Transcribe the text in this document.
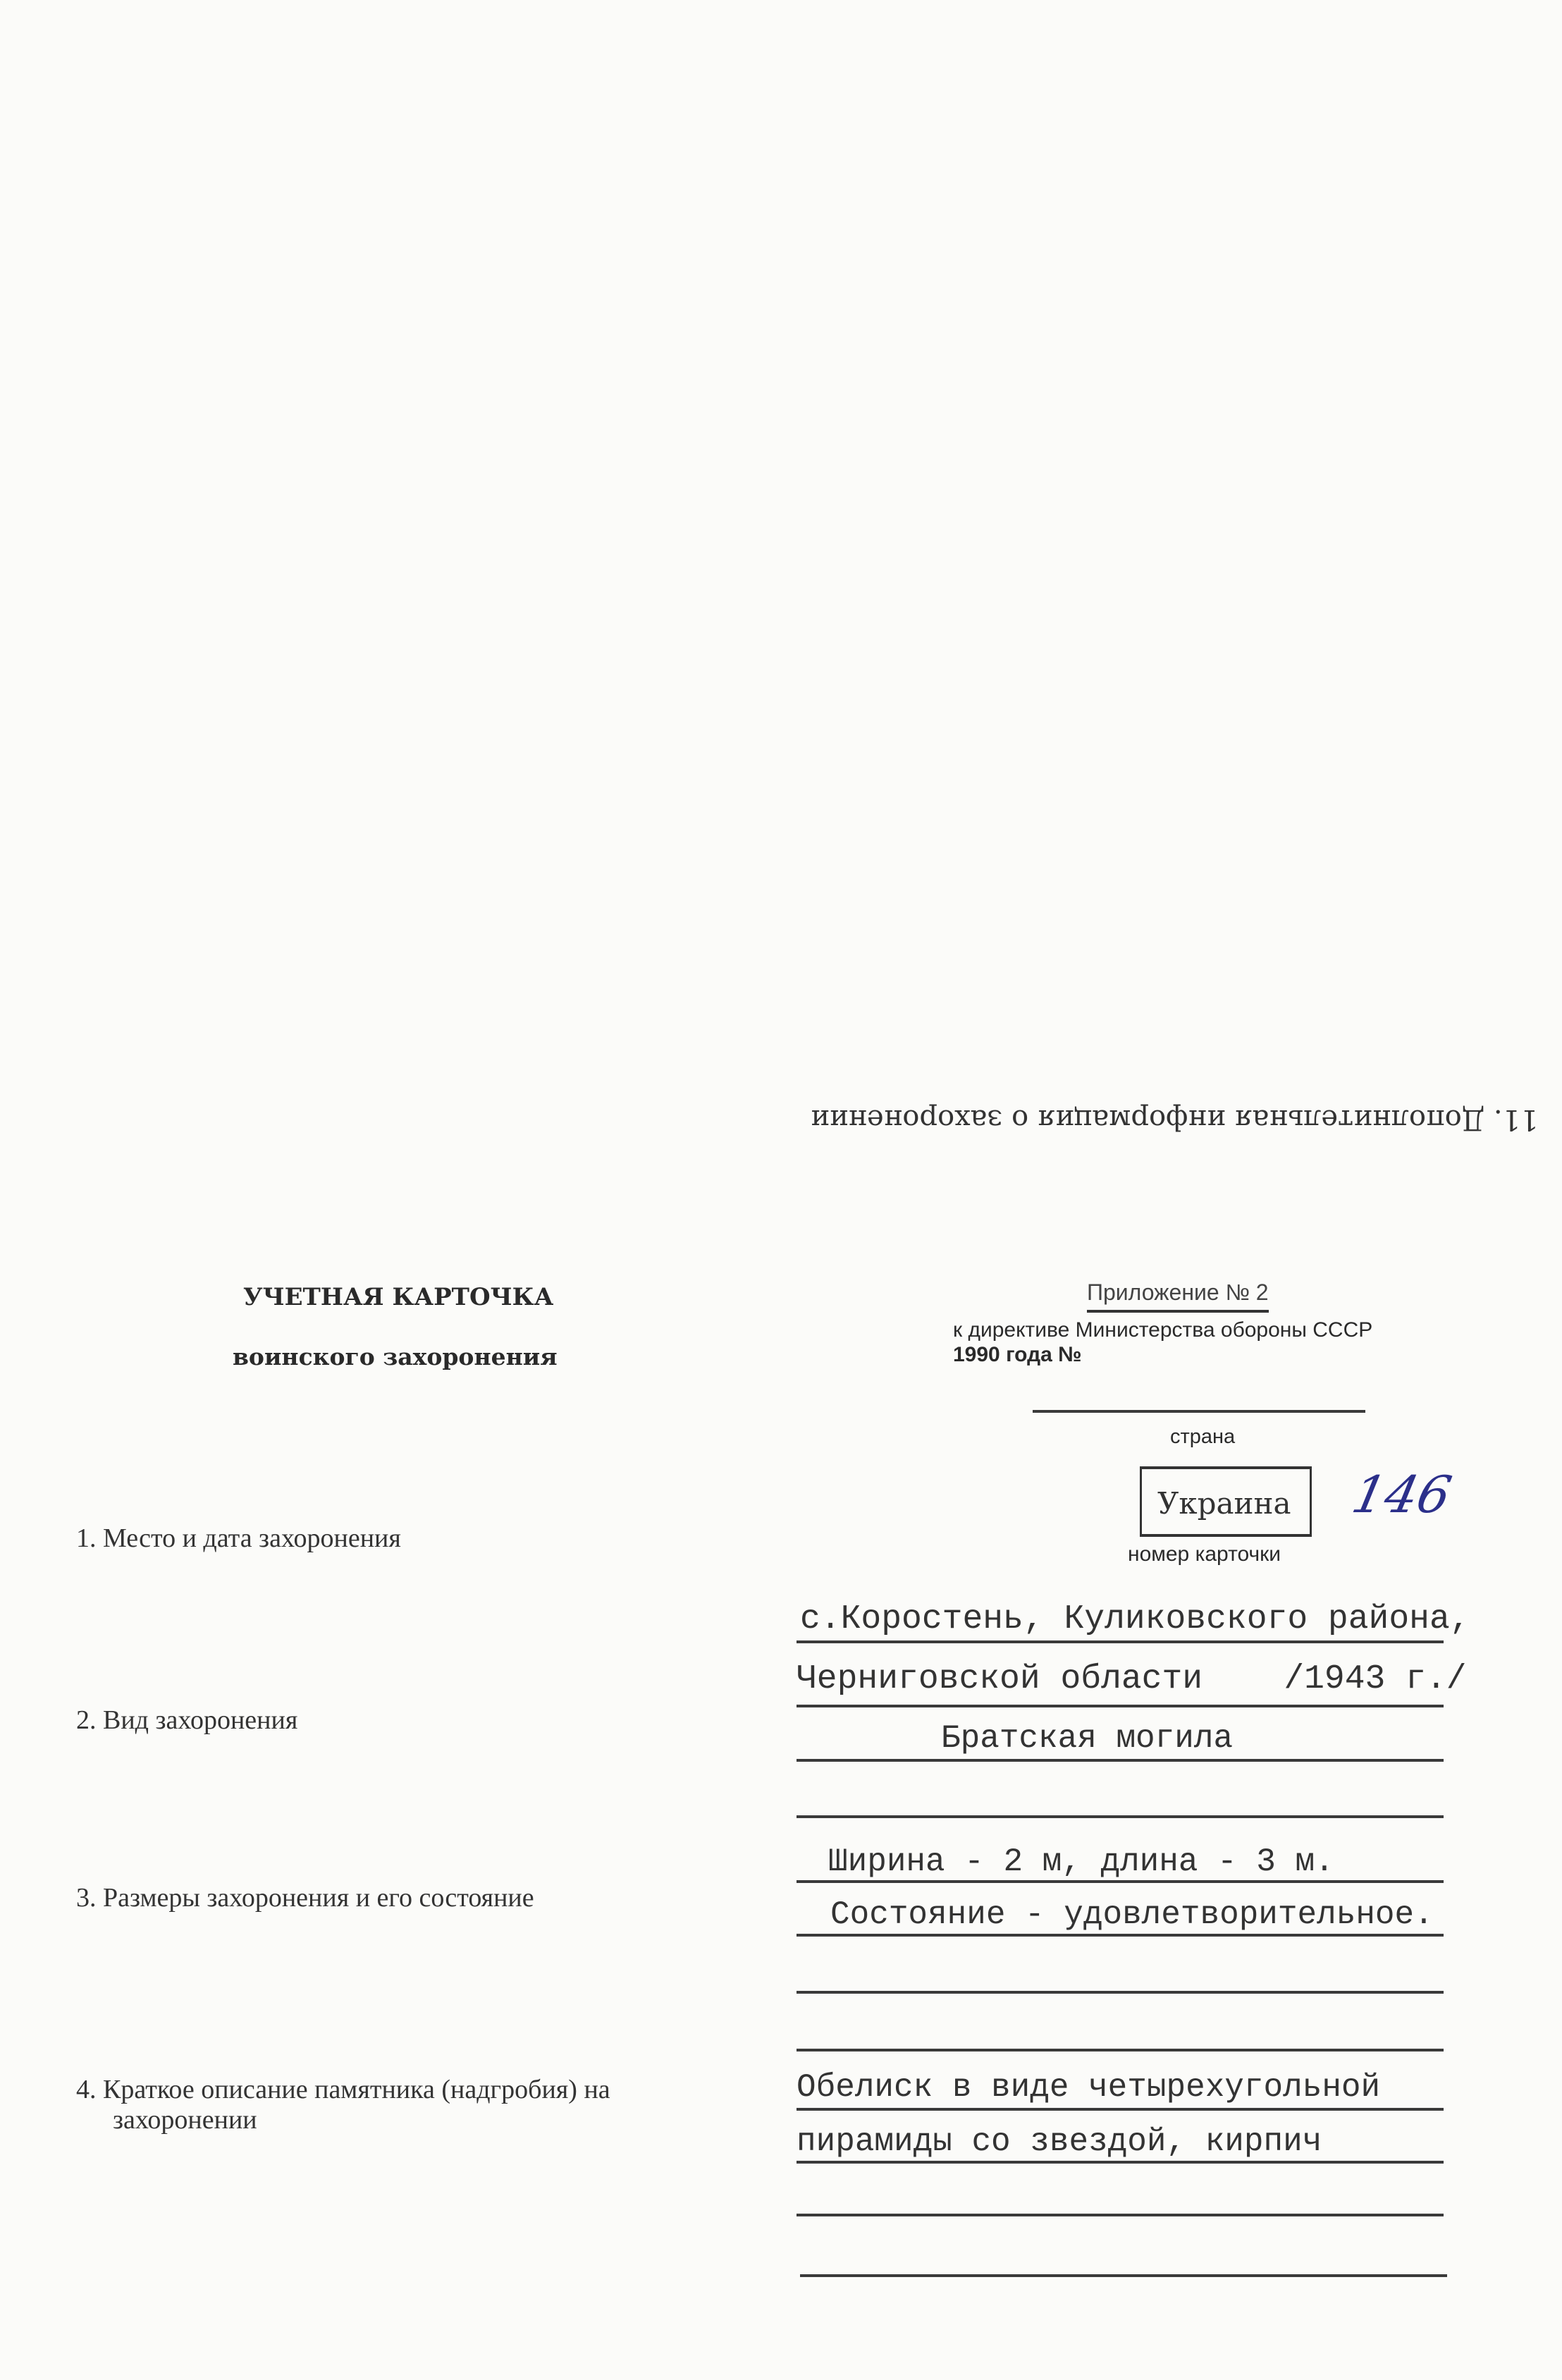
11. Дополнительная информация о захоронении
УЧЕТНАЯ КАРТОЧКА
воинского захоронения
Приложение № 2
к директиве Министерства обороны СССР
1990 года №
страна
Украина 146
номер карточки
1. Место и дата захоронения
2. Вид захоронения
3. Размеры захоронения и его состояние
4. Краткое описание памятника (надгробия) на
захоронении
с.Коростень, Куликовского района,
Черниговской области    /1943 г./
Братская могила
Ширина - 2 м, длина - 3 м.
Состояние - удовлетворительное.
Обелиск в виде четырехугольной
пирамиды со звездой, кирпич
